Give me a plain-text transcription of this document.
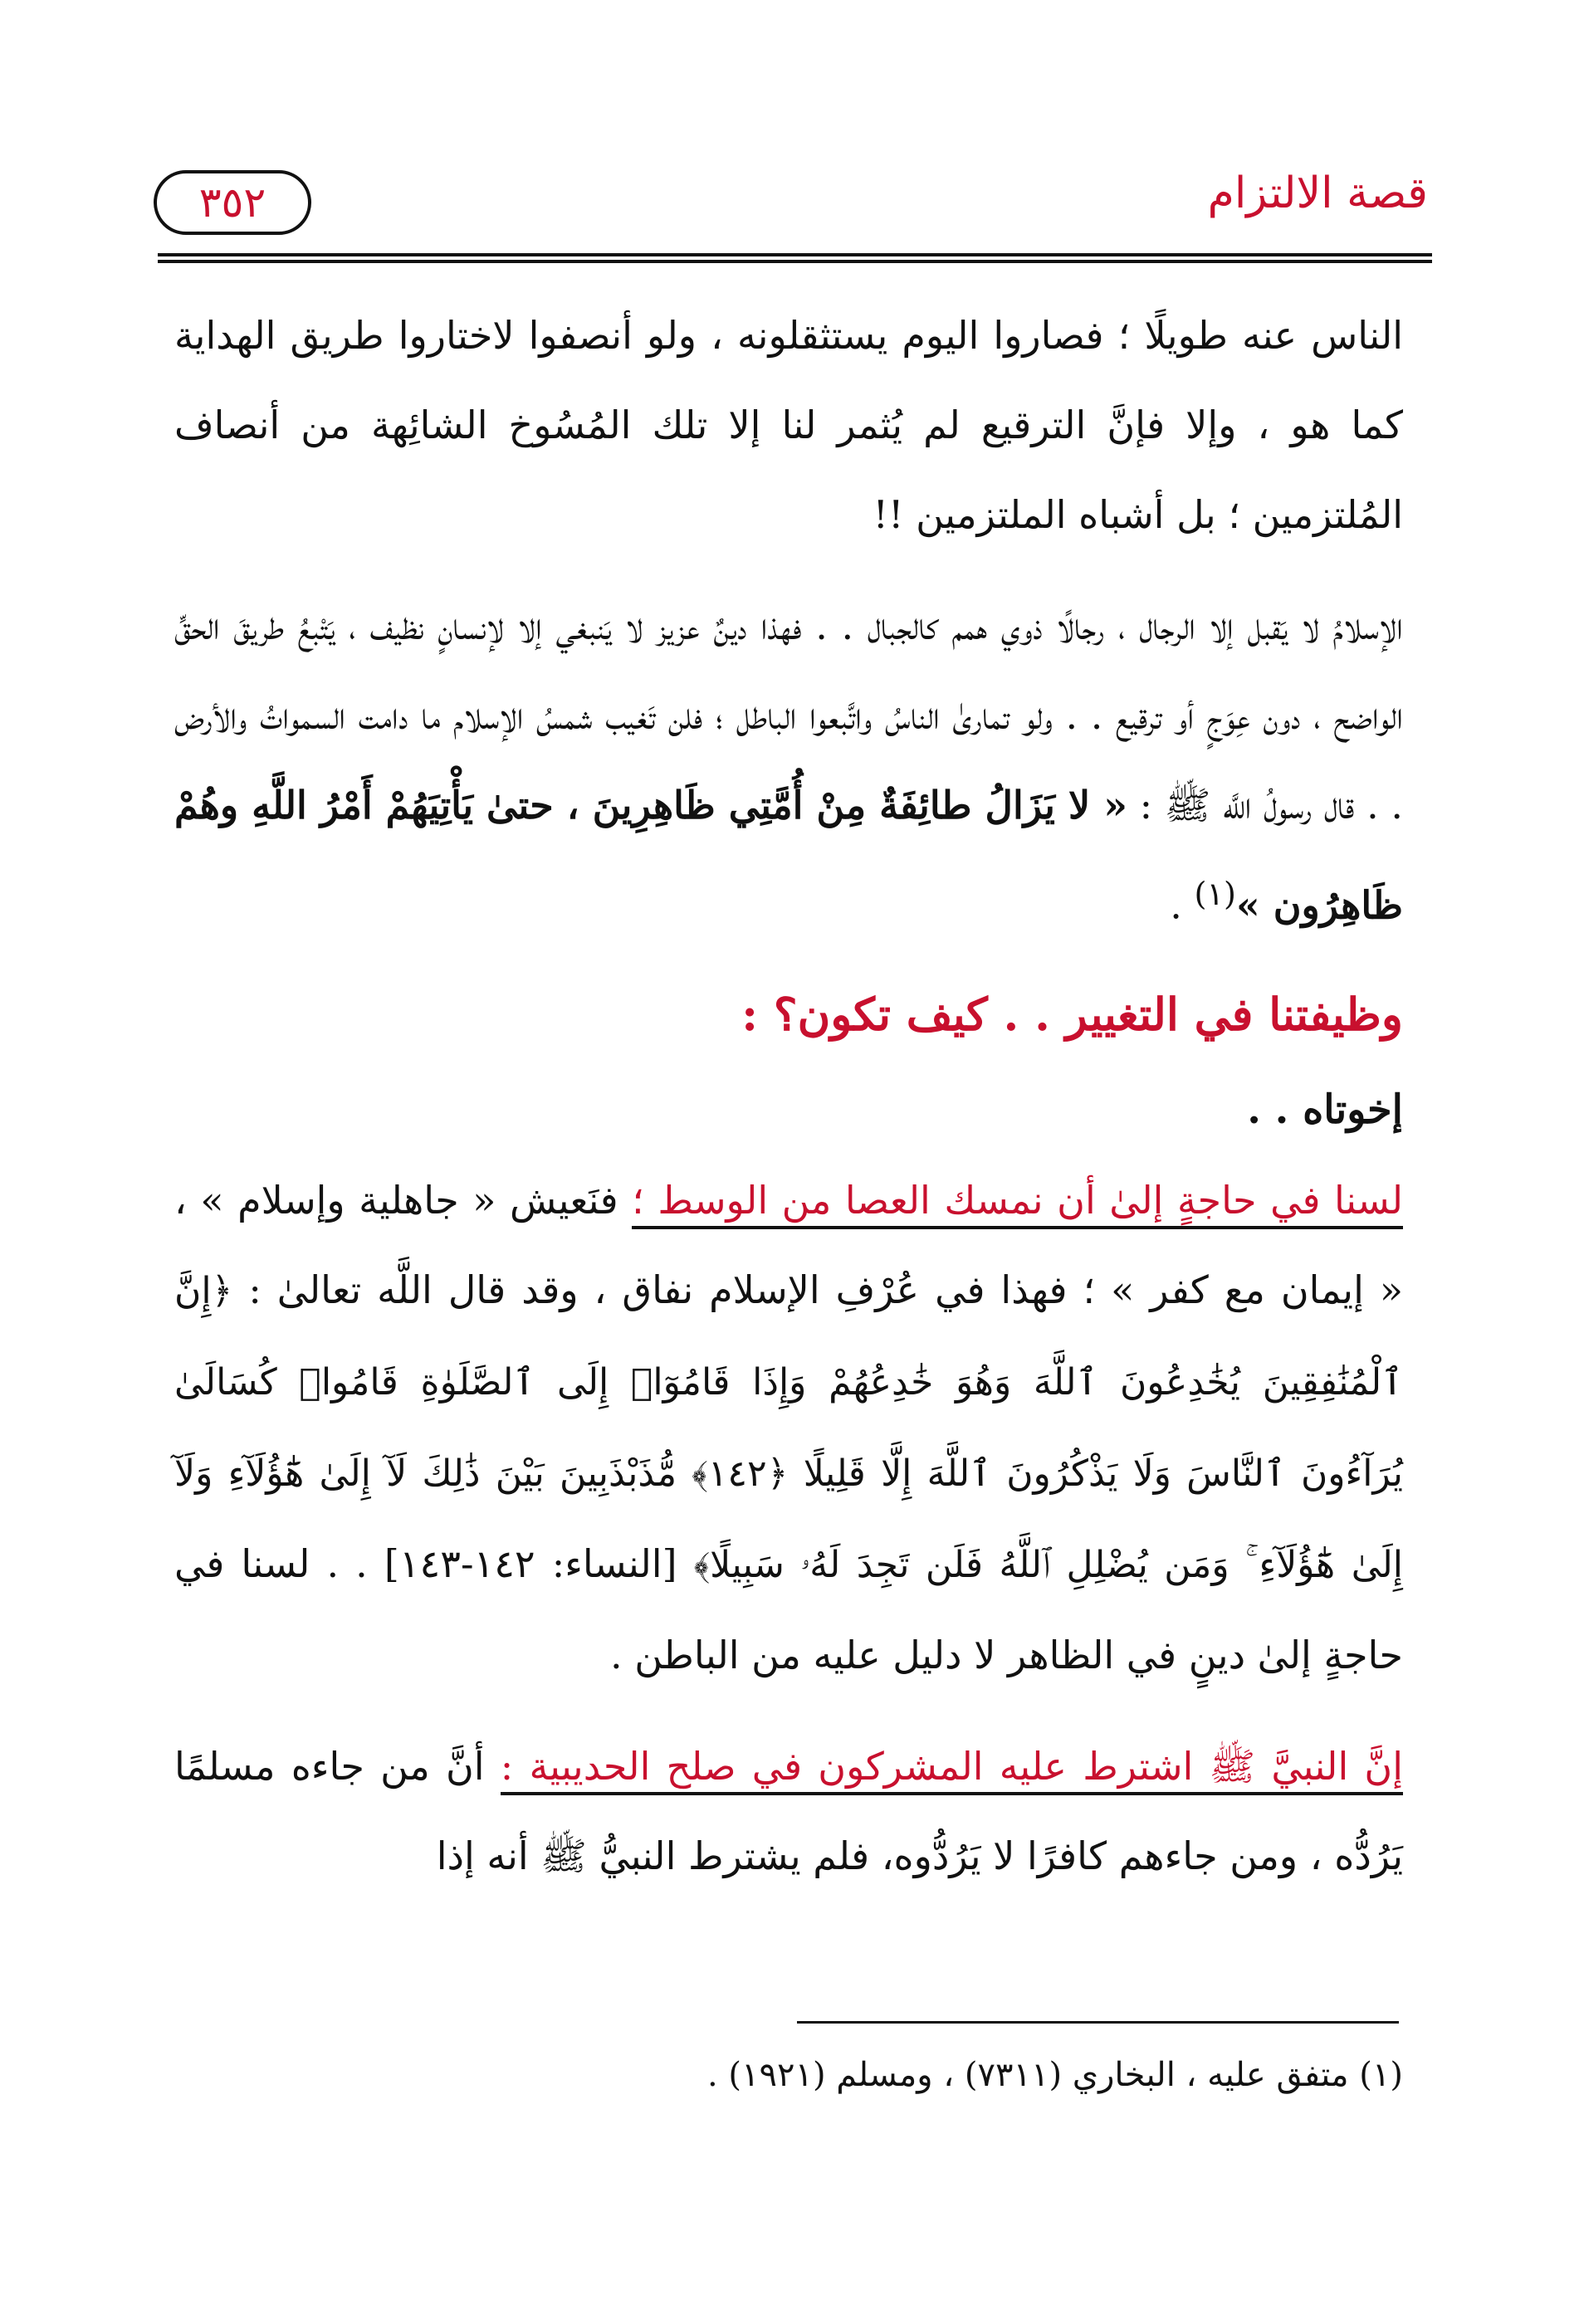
قصة الالتزام
٣٥٢

الناس عنه طويلًا ؛ فصاروا اليوم يستثقلونه ، ولو أنصفوا لاختاروا طريق الهداية كما هو ، وإلا فإنَّ الترقيع لم يُثمر لنا إلا تلك المُسُوخ الشائِهة من أنصاف المُلتزمين ؛ بل أشباه الملتزمين !!

الإسلامُ لا يَقبل إلا الرجال ، رجالًا ذوي همم كالجبال . . فهذا دينٌ عزيز لا يَنبغي إلا لإنسانٍ نظيف ، يَتْبعُ طريقَ الحقِّ الواضح ، دون عِوَجٍ أو ترقيع . . ولو تمارىٰ الناسُ واتَّبعوا الباطل ؛ فلن تَغيب شمسُ الإسلام ما دامت السمواتُ والأرض . . قال رسولُ اللَّه ﷺ : « لا يَزَالُ طائِفَةٌ مِنْ أُمَّتِي ظَاهِرِينَ ، حتىٰ يَأْتِيَهُمْ أَمْرُ اللَّهِ وهُمْ ظَاهِرُون »$^{(١)}$ .

وظيفتنا في التغيير . . كيف تكون؟ :

إخوتاه . .

لسنا في حاجةٍ إلىٰ أن نمسك العصا من الوسط ؛ فنَعيش « جاهلية وإسلام » ، « إيمان مع كفر » ؛ فهذا في عُرْفِ الإسلام نفاق ، وقد قال اللَّه تعالىٰ : ﴿إِنَّ ٱلْمُنَٰفِقِينَ يُخَٰدِعُونَ ٱللَّهَ وَهُوَ خَٰدِعُهُمْ وَإِذَا قَامُوٓا۟ إِلَى ٱلصَّلَوٰةِ قَامُوا۟ كُسَالَىٰ يُرَآءُونَ ٱلنَّاسَ وَلَا يَذْكُرُونَ ٱللَّهَ إِلَّا قَلِيلًا ﴿١٤٢﴾ مُّذَبْذَبِينَ بَيْنَ ذَٰلِكَ لَآ إِلَىٰ هَٰٓؤُلَآءِ وَلَآ إِلَىٰ هَٰٓؤُلَآءِ ۚ وَمَن يُضْلِلِ ٱللَّهُ فَلَن تَجِدَ لَهُۥ سَبِيلًا﴾ [النساء: ١٤٢-١٤٣] . . لسنا في حاجةٍ إلىٰ دينٍ في الظاهر لا دليل عليه من الباطن .

إنَّ النبيَّ ﷺ اشترط عليه المشركون في صلح الحديبية : أنَّ من جاءه مسلمًا يَرُدُّه ، ومن جاءهم كافرًا لا يَرُدُّوه، فلم يشترط النبيُّ ﷺ أنه إذا

(١) متفق عليه ، البخاري (٧٣١١) ، ومسلم (١٩٢١) .
